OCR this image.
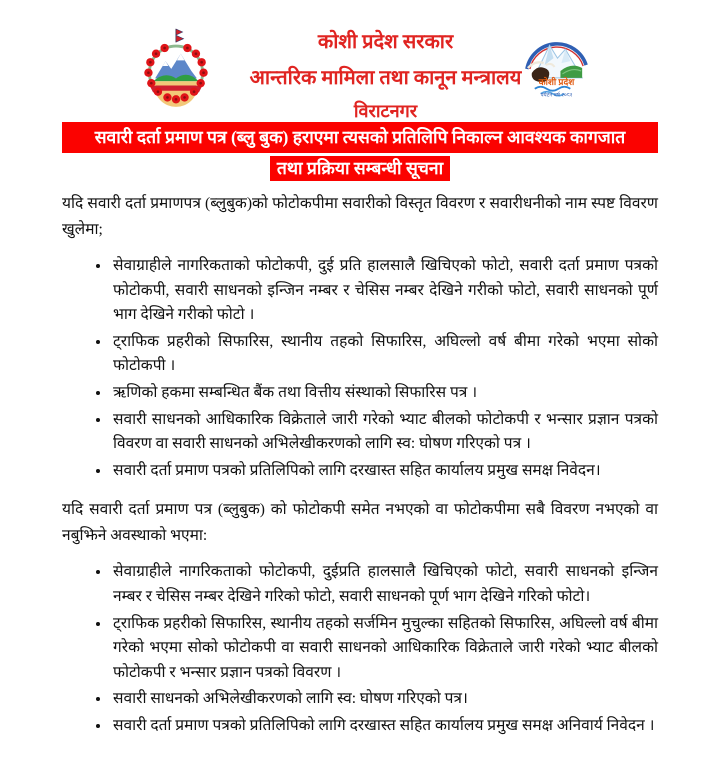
कोशी प्रदेश सरकार
आन्तरिक मामिला तथा कानून मन्त्रालय
विराटनगर
कोशी प्रदेश
पर्यटन वर्ष २०८२
सवारी दर्ता प्रमाण पत्र (ब्लु बुक) हराएमा त्यसको प्रतिलिपि निकाल्न आवश्यक कागजात
तथा प्रक्रिया सम्बन्धी सूचना

यदि सवारी दर्ता प्रमाणपत्र (ब्लुबुक)को फोटोकपीमा सवारीको विस्तृत विवरण र सवारीधनीको नाम स्पष्ट विवरण खुलेमा;

• सेवाग्राहीले नागरिकताको फोटोकपी, दुई प्रति हालसालै खिचिएको फोटो, सवारी दर्ता प्रमाण पत्रको फोटोकपी, सवारी साधनको इन्जिन नम्बर र चेसिस नम्बर देखिने गरीको फोटो, सवारी साधनको पूर्ण भाग देखिने गरीको फोटो ।
• ट्राफिक प्रहरीको सिफारिस, स्थानीय तहको सिफारिस, अघिल्लो वर्ष बीमा गरेको भएमा सोको फोटोकपी ।
• ऋणिको हकमा सम्बन्धित बैंक तथा वित्तीय संस्थाको सिफारिस पत्र ।
• सवारी साधनको आधिकारिक विक्रेताले जारी गरेको भ्याट बीलको फोटोकपी र भन्सार प्रज्ञान पत्रको विवरण वा सवारी साधनको अभिलेखीकरणको लागि स्व: घोषण गरिएको पत्र ।
• सवारी दर्ता प्रमाण पत्रको प्रतिलिपिको लागि दरखास्त सहित कार्यालय प्रमुख समक्ष निवेदन।

यदि सवारी दर्ता प्रमाण पत्र (ब्लुबुक) को फोटोकपी समेत नभएको वा फोटोकपीमा सबै विवरण नभएको वा नबुझिने अवस्थाको भएमा:

• सेवाग्राहीले नागरिकताको फोटोकपी, दुईप्रति हालसालै खिचिएको फोटो, सवारी साधनको इन्जिन नम्बर र चेसिस नम्बर देखिने गरिको फोटो, सवारी साधनको पूर्ण भाग देखिने गरिको फोटो।
• ट्राफिक प्रहरीको सिफारिस, स्थानीय तहको सर्जमिन मुचुल्का सहितको सिफारिस, अघिल्लो वर्ष बीमा गरेको भएमा सोको फोटोकपी वा सवारी साधनको आधिकारिक विक्रेताले जारी गरेको भ्याट बीलको फोटोकपी र भन्सार प्रज्ञान पत्रको विवरण ।
• सवारी साधनको अभिलेखीकरणको लागि स्व: घोषण गरिएको पत्र।
• सवारी दर्ता प्रमाण पत्रको प्रतिलिपिको लागि दरखास्त सहित कार्यालय प्रमुख समक्ष अनिवार्य निवेदन ।
